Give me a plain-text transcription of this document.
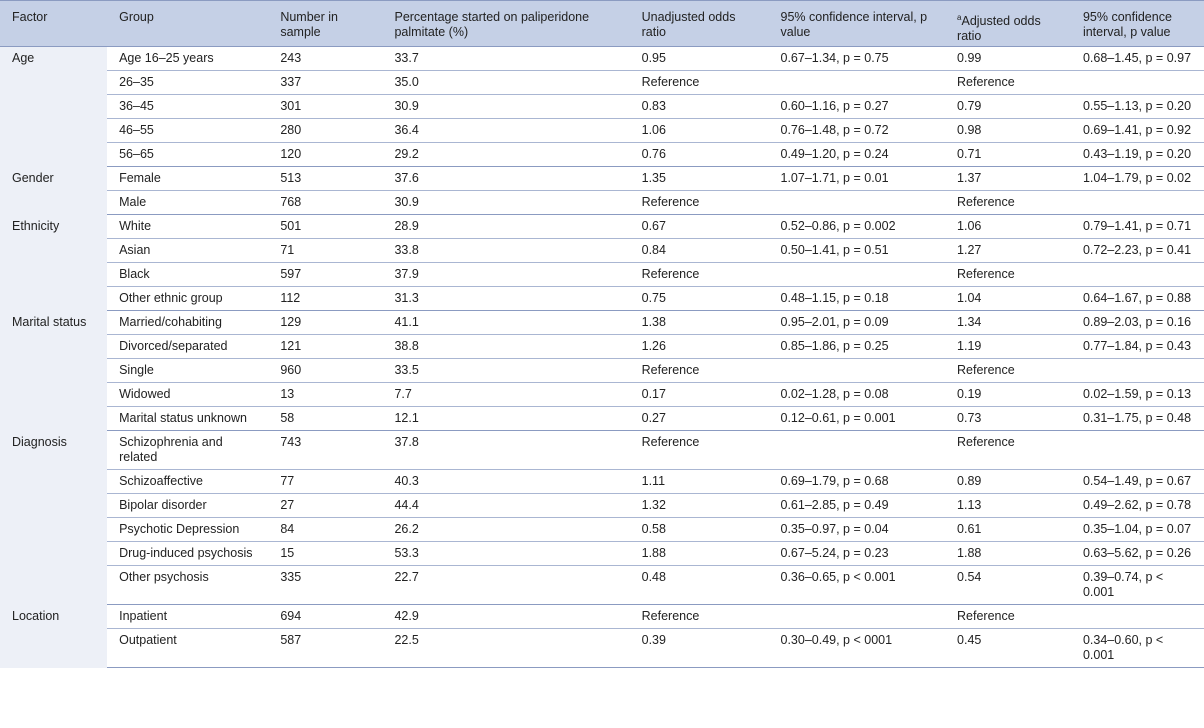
Factor	Group	Number in sample	Percentage started on paliperidone palmitate (%)	Unadjusted odds ratio	95% confidence interval, p value	$^a$Adjusted odds ratio	95% confidence interval, p value
Age	Age 16–25 years	243	33.7	0.95	0.67–1.34, p = 0.75	0.99	0.68–1.45, p = 0.97
	26–35	337	35.0	Reference		Reference	
	36–45	301	30.9	0.83	0.60–1.16, p = 0.27	0.79	0.55–1.13, p = 0.20
	46–55	280	36.4	1.06	0.76–1.48, p = 0.72	0.98	0.69–1.41, p = 0.92
	56–65	120	29.2	0.76	0.49–1.20, p = 0.24	0.71	0.43–1.19, p = 0.20
Gender	Female	513	37.6	1.35	1.07–1.71, p = 0.01	1.37	1.04–1.79, p = 0.02
	Male	768	30.9	Reference		Reference	
Ethnicity	White	501	28.9	0.67	0.52–0.86, p = 0.002	1.06	0.79–1.41, p = 0.71
	Asian	71	33.8	0.84	0.50–1.41, p = 0.51	1.27	0.72–2.23, p = 0.41
	Black	597	37.9	Reference		Reference	
	Other ethnic group	112	31.3	0.75	0.48–1.15, p = 0.18	1.04	0.64–1.67, p = 0.88
Marital status	Married/cohabiting	129	41.1	1.38	0.95–2.01, p = 0.09	1.34	0.89–2.03, p = 0.16
	Divorced/separated	121	38.8	1.26	0.85–1.86, p = 0.25	1.19	0.77–1.84, p = 0.43
	Single	960	33.5	Reference		Reference	
	Widowed	13	7.7	0.17	0.02–1.28, p = 0.08	0.19	0.02–1.59, p = 0.13
	Marital status unknown	58	12.1	0.27	0.12–0.61, p = 0.001	0.73	0.31–1.75, p = 0.48
Diagnosis	Schizophrenia and related	743	37.8	Reference		Reference	
	Schizoaffective	77	40.3	1.11	0.69–1.79, p = 0.68	0.89	0.54–1.49, p = 0.67
	Bipolar disorder	27	44.4	1.32	0.61–2.85, p = 0.49	1.13	0.49–2.62, p = 0.78
	Psychotic Depression	84	26.2	0.58	0.35–0.97, p = 0.04	0.61	0.35–1.04, p = 0.07
	Drug-induced psychosis	15	53.3	1.88	0.67–5.24, p = 0.23	1.88	0.63–5.62, p = 0.26
	Other psychosis	335	22.7	0.48	0.36–0.65, p < 0.001	0.54	0.39–0.74, p < 0.001
Location	Inpatient	694	42.9	Reference		Reference	
	Outpatient	587	22.5	0.39	0.30–0.49, p < 0001	0.45	0.34–0.60, p < 0.001
